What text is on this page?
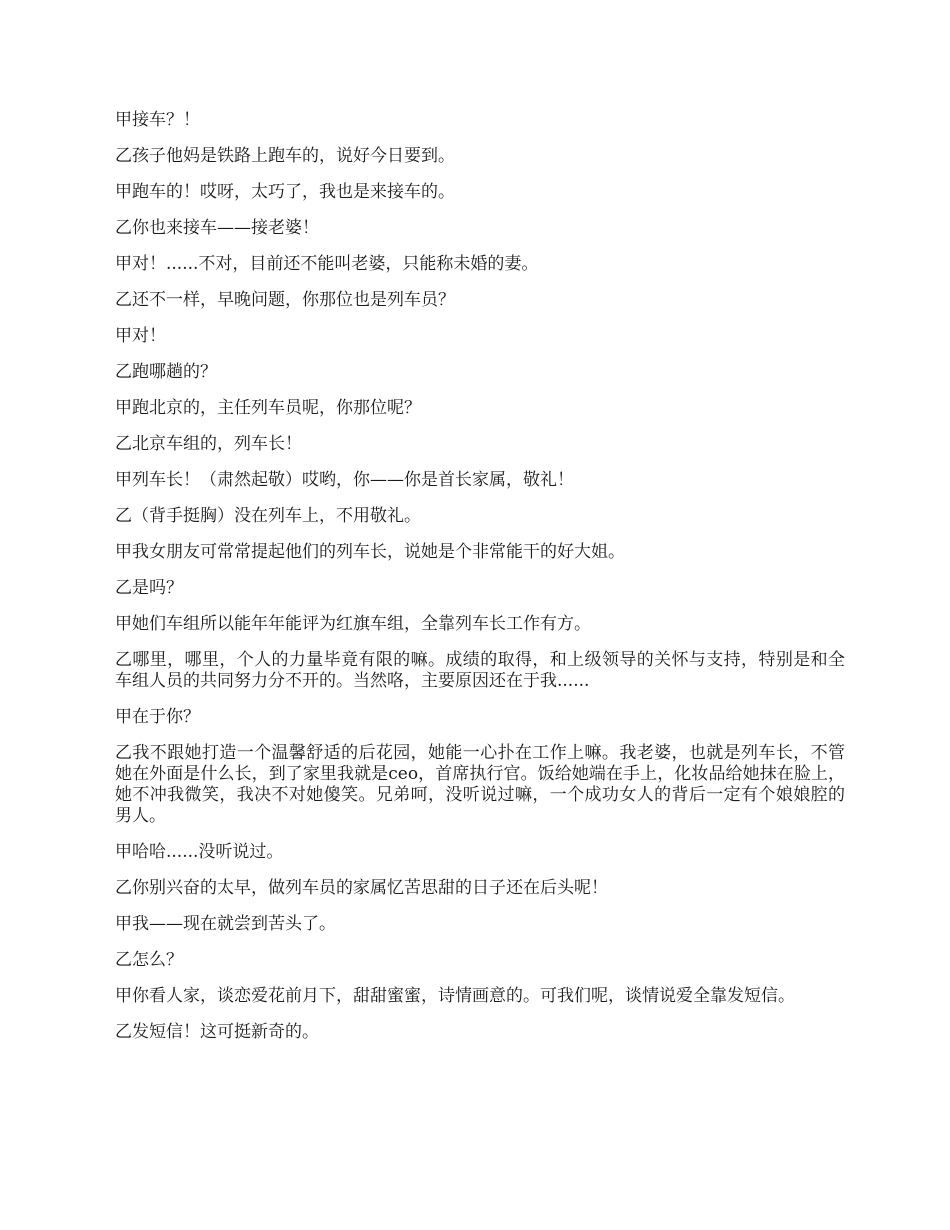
甲接车？！

乙孩子他妈是铁路上跑车的，说好今日要到。

甲跑车的！哎呀，太巧了，我也是来接车的。

乙你也来接车——接老婆！

甲对！......不对，目前还不能叫老婆，只能称未婚的妻。

乙还不一样，早晚问题，你那位也是列车员？

甲对！

乙跑哪趟的？

甲跑北京的，主任列车员呢，你那位呢？

乙北京车组的，列车长！

甲列车长！（肃然起敬）哎哟，你——你是首长家属，敬礼！

乙（背手挺胸）没在列车上，不用敬礼。

甲我女朋友可常常提起他们的列车长，说她是个非常能干的好大姐。

乙是吗？

甲她们车组所以能年年能评为红旗车组，全靠列车长工作有方。

乙哪里，哪里，个人的力量毕竟有限的嘛。成绩的取得，和上级领导的关怀与支持，特别是和全车组人员的共同努力分不开的。当然咯，主要原因还在于我......

甲在于你？

乙我不跟她打造一个温馨舒适的后花园，她能一心扑在工作上嘛。我老婆，也就是列车长，不管她在外面是什么长，到了家里我就是ceo，首席执行官。饭给她端在手上，化妆品给她抹在脸上，她不冲我微笑，我决不对她傻笑。兄弟呵，没听说过嘛，一个成功女人的背后一定有个娘娘腔的男人。

甲哈哈......没听说过。

乙你别兴奋的太早，做列车员的家属忆苦思甜的日子还在后头呢！

甲我——现在就尝到苦头了。

乙怎么？

甲你看人家，谈恋爱花前月下，甜甜蜜蜜，诗情画意的。可我们呢，谈情说爱全靠发短信。

乙发短信！这可挺新奇的。
